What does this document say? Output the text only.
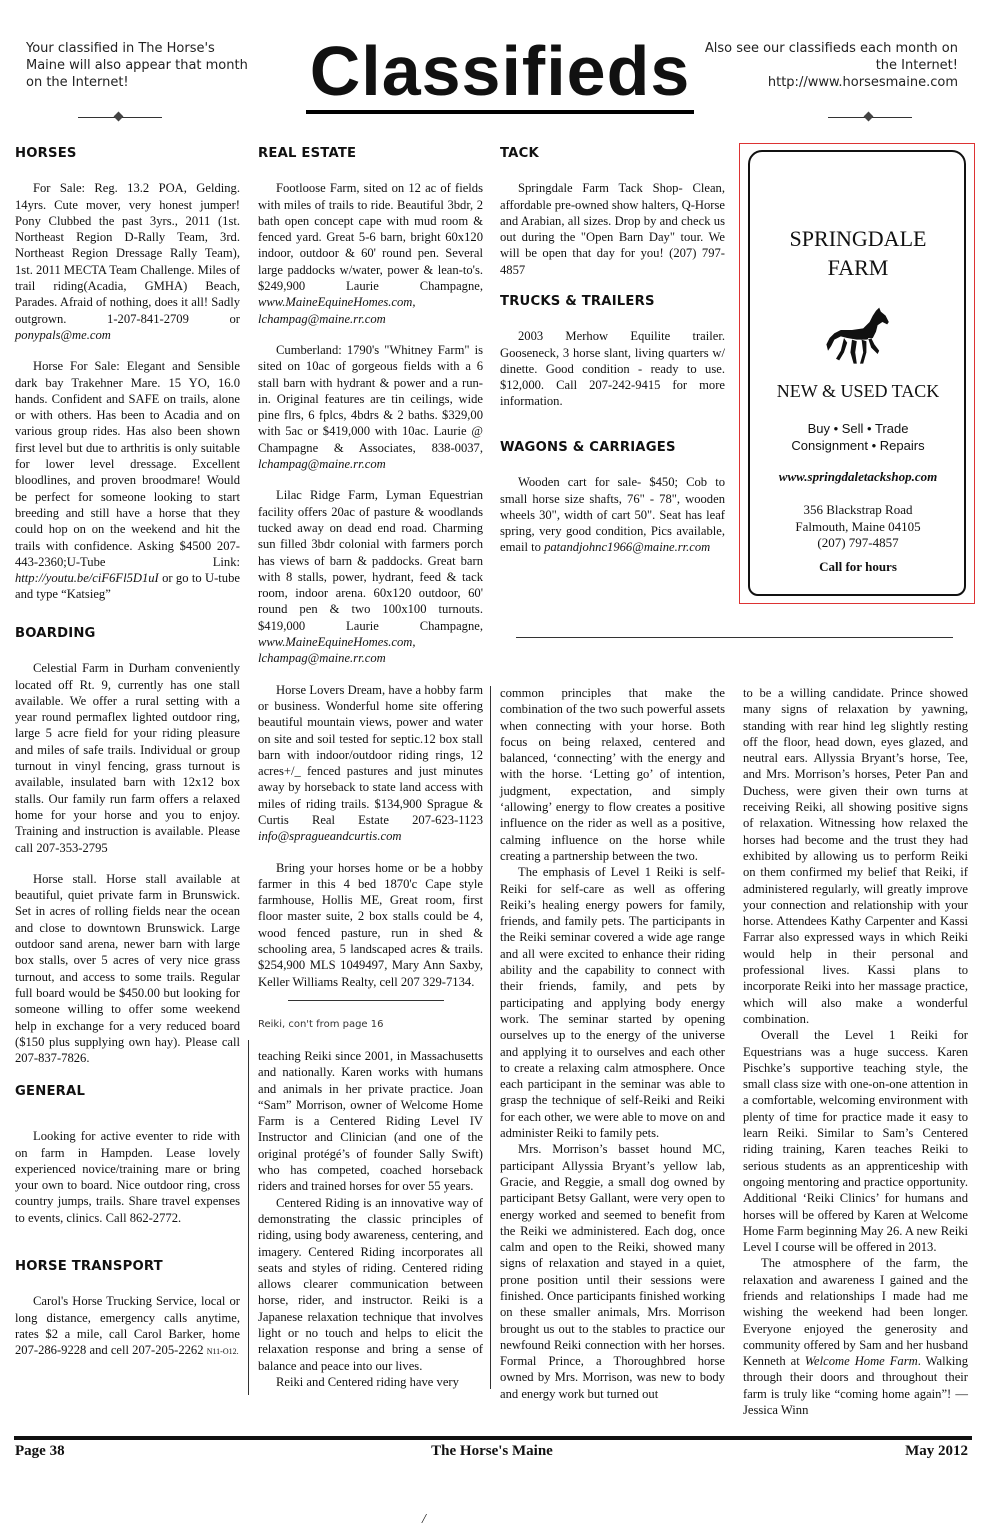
Your classified in The Horse's Maine will also appear that month on the Internet!	Classifieds	Also see our classifieds each month on the Internet!
http://www.horsesmaine.com
HORSES

For Sale: Reg. 13.2 POA, Gelding. 14yrs. Cute mover, very honest jumper! Pony Clubbed the past 3yrs., 2011 (1st. Northeast Region D-Rally Team, 3rd. Northeast Region Dressage Rally Team), 1st. 2011 MECTA Team Challenge. Miles of trail riding(Acadia, GMHA) Beach, Parades. Afraid of nothing, does it all! Sadly outgrown. 1-207-841-2709 or ponypals@me.com

Horse For Sale: Elegant and Sensible dark bay Trakehner Mare. 15 YO, 16.0 hands. Confident and SAFE on trails, alone or with others. Has been to Acadia and on various group rides. Has also been shown first level but due to arthritis is only suitable for lower level dressage. Excellent bloodlines, and proven broodmare! Would be perfect for someone looking to start breeding and still have a horse that they could hop on on the weekend and hit the trails with confidence. Asking $4500 207-443-2360;U-Tube Link: http://youtu.be/ciF6Fl5D1uI or go to U-tube and type “Katsieg”

BOARDING

Celestial Farm in Durham conveniently located off Rt. 9, currently has one stall available. We offer a rural setting with a year round permaflex lighted outdoor ring, large 5 acre field for your riding pleasure and miles of safe trails. Individual or group turnout in vinyl fencing, grass turnout is available, insulated barn with 12x12 box stalls. Our family run farm offers a relaxed home for your horse and you to enjoy. Training and instruction is available. Please call 207-353-2795

Horse stall. Horse stall available at beautiful, quiet private farm in Brunswick. Set in acres of rolling fields near the ocean and close to downtown Brunswick. Large outdoor sand arena, newer barn with large box stalls, over 5 acres of very nice grass turnout, and access to some trails. Regular full board would be $450.00 but looking for someone willing to offer some weekend help in exchange for a very reduced board ($150 plus supplying own hay). Please call 207-837-7826.

GENERAL

Looking for active eventer to ride with on farm in Hampden. Lease lovely experienced novice/training mare or bring your own to board. Nice outdoor ring, cross country jumps, trails. Share travel expenses to events, clinics. Call 862-2772.

HORSE TRANSPORT

Carol's Horse Trucking Service, local or long distance, emergency calls anytime, rates $2 a mile, call Carol Barker, home 207-286-9228 and cell 207-205-2262 N11-O12.

REAL ESTATE

Footloose Farm, sited on 12 ac of fields with miles of trails to ride. Beautiful 3bdr, 2 bath open concept cape with mud room & fenced yard. Great 5-6 barn, bright 60x120 indoor, outdoor & 60' round pen. Several large paddocks w/water, power & lean-to's. $249,900 Laurie Champagne, www.MaineEquineHomes.com, lchampag@maine.rr.com

Cumberland: 1790's "Whitney Farm" is sited on 10ac of gorgeous fields with a 6 stall barn with hydrant & power and a run-in. Original features are tin ceilings, wide pine flrs, 6 fplcs, 4bdrs & 2 baths. $329,00 with 5ac or $419,000 with 10ac. Laurie @ Champagne & Associates, 838-0037, lchampag@maine.rr.com

Lilac Ridge Farm, Lyman Equestrian facility offers 20ac of pasture & woodlands tucked away on dead end road. Charming sun filled 3bdr colonial with farmers porch has views of barn & paddocks. Great barn with 8 stalls, power, hydrant, feed & tack room, indoor arena. 60x120 outdoor, 60' round pen & two 100x100 turnouts. $419,000 Laurie Champagne, www.MaineEquineHomes.com, lchampag@maine.rr.com

Horse Lovers Dream, have a hobby farm or business. Wonderful home site offering beautiful mountain views, power and water on site and soil tested for septic.12 box stall barn with indoor/outdoor riding rings, 12 acres+/_ fenced pastures and just minutes away by horseback to state land access with miles of riding trails. $134,900 Sprague & Curtis Real Estate 207-623-1123 info@spragueandcurtis.com

Bring your horses home or be a hobby farmer in this 4 bed 1870'c Cape style farmhouse, Hollis ME, Great room, first floor master suite, 2 box stalls could be 4, wood fenced pasture, run in shed & schooling area, 5 landscaped acres & trails. $254,900 MLS 1049497, Mary Ann Saxby, Keller Williams Realty, cell 207 329-7134.

TACK

Springdale Farm Tack Shop- Clean, affordable pre-owned show halters, Q-Horse and Arabian, all sizes. Drop by and check us out during the "Open Barn Day" tour. We will be open that day for you! (207) 797-4857

TRUCKS & TRAILERS

2003 Merhow Equilite trailer. Gooseneck, 3 horse slant, living quarters w/ dinette. Good condition - ready to use. $12,000. Call 207-242-9415 for more information.

WAGONS & CARRIAGES

Wooden cart for sale- $450; Cob to small horse size shafts, 76" - 78", wooden wheels 30", width of cart 50". Seat has leaf spring, very good condition, Pics available, email to patandjohnc1966@maine.rr.com

SPRINGDALE
FARM
NEW & USED TACK
Buy • Sell • Trade
Consignment • Repairs
www.springdaletackshop.com
356 Blackstrap Road
Falmouth, Maine 04105
(207) 797-4857
Call for hours
Reiki, con't from page 16

teaching Reiki since 2001, in Massachusetts and nationally. Karen works with humans and animals in her private practice. Joan “Sam” Morrison, owner of Welcome Home Farm is a Centered Riding Level IV Instructor and Clinician (and one of the original protégé’s of founder Sally Swift) who has competed, coached horseback riders and trained horses for over 55 years.

Centered Riding is an innovative way of demonstrating the classic principles of riding, using body awareness, centering, and imagery. Centered Riding incorporates all seats and styles of riding. Centered riding allows clearer communication between horse, rider, and instructor. Reiki is a Japanese relaxation technique that involves light or no touch and helps to elicit the relaxation response and bring a sense of balance and peace into our lives.

Reiki and Centered riding have very

common principles that make the combination of the two such powerful assets when connecting with your horse. Both focus on being relaxed, centered and balanced, ‘connecting’ with the energy and with the horse. ‘Letting go’ of intention, judgment, expectation, and simply ‘allowing’ energy to flow creates a positive influence on the rider as well as a positive, calming influence on the horse while creating a partnership between the two.

The emphasis of Level 1 Reiki is self-Reiki for self-care as well as offering Reiki’s healing energy powers for family, friends, and family pets. The participants in the Reiki seminar covered a wide age range and all were excited to enhance their riding ability and the capability to connect with their friends, family, and pets by participating and applying body energy work. The seminar started by opening ourselves up to the energy of the universe and applying it to ourselves and each other to create a relaxing calm atmosphere. Once each participant in the seminar was able to grasp the technique of self-Reiki and Reiki for each other, we were able to move on and administer Reiki to family pets.

Mrs. Morrison’s basset hound MC, participant Allyssia Bryant’s yellow lab, Gracie, and Reggie, a small dog owned by participant Betsy Gallant, were very open to energy worked and seemed to benefit from the Reiki we administered. Each dog, once calm and open to the Reiki, showed many signs of relaxation and stayed in a quiet, prone position until their sessions were finished. Once participants finished working on these smaller animals, Mrs. Morrison brought us out to the stables to practice our newfound Reiki connection with her horses. Formal Prince, a Thoroughbred horse owned by Mrs. Morrison, was new to body and energy work but turned out

to be a willing candidate. Prince showed many signs of relaxation by yawning, standing with rear hind leg slightly resting off the floor, head down, eyes glazed, and neutral ears. Allyssia Bryant’s horse, Tee, and Mrs. Morrison’s horses, Peter Pan and Duchess, were given their own turns at receiving Reiki, all showing positive signs of relaxation. Witnessing how relaxed the horses had become and the trust they had exhibited by allowing us to perform Reiki on them confirmed my belief that Reiki, if administered regularly, will greatly improve your connection and relationship with your horse. Attendees Kathy Carpenter and Kassi Farrar also expressed ways in which Reiki would help in their personal and professional lives. Kassi plans to incorporate Reiki into her massage practice, which will also make a wonderful combination.

Overall the Level 1 Reiki for Equestrians was a huge success. Karen Pischke’s supportive teaching style, the small class size with one-on-one attention in a comfortable, welcoming environment with plenty of time for practice made it easy to learn Reiki. Similar to Sam’s Centered riding training, Karen teaches Reiki to serious students as an apprenticeship with ongoing mentoring and practice opportunity. Additional ‘Reiki Clinics’ for humans and horses will be offered by Karen at Welcome Home Farm beginning May 26. A new Reiki Level I course will be offered in 2013.

The atmosphere of the farm, the relaxation and awareness I gained and the friends and relationships I made had me wishing the weekend had been longer. Everyone enjoyed the generosity and community offered by Sam and her husband Kenneth at Welcome Home Farm. Walking through their doors and throughout their farm is truly like “coming home again”! —Jessica Winn

Page 38	The Horse's Maine	May 2012
/
